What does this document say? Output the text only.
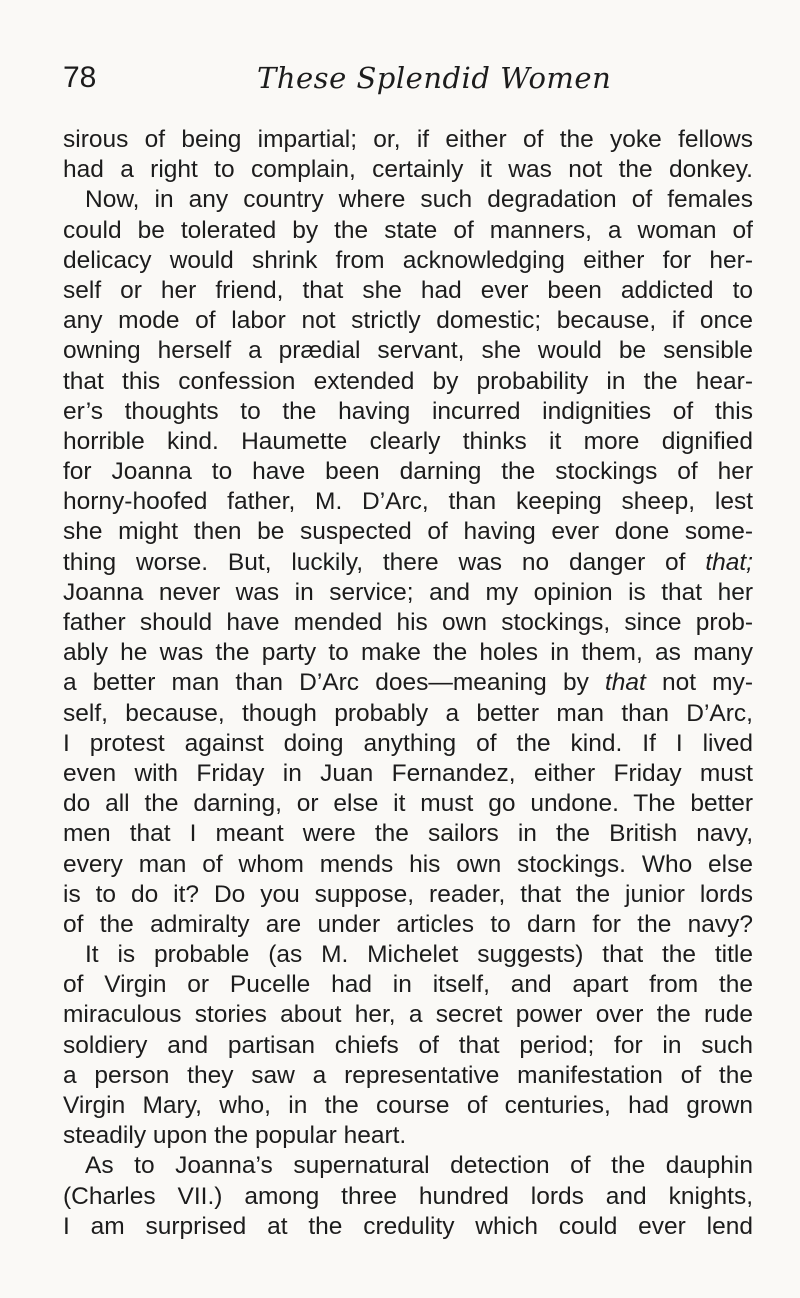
78	These Splendid Women
sirous of being impartial; or, if either of the yoke fellows
had a right to complain, certainly it was not the donkey.
Now, in any country where such degradation of females
could be tolerated by the state of manners, a woman of
delicacy would shrink from acknowledging either for her-
self or her friend, that she had ever been addicted to
any mode of labor not strictly domestic; because, if once
owning herself a prædial servant, she would be sensible
that this confession extended by probability in the hear-
er’s thoughts to the having incurred indignities of this
horrible kind. Haumette clearly thinks it more dignified
for Joanna to have been darning the stockings of her
horny-hoofed father, M. D’Arc, than keeping sheep, lest
she might then be suspected of having ever done some-
thing worse. But, luckily, there was no danger of that;
Joanna never was in service; and my opinion is that her
father should have mended his own stockings, since prob-
ably he was the party to make the holes in them, as many
a better man than D’Arc does—meaning by that not my-
self, because, though probably a better man than D’Arc,
I protest against doing anything of the kind. If I lived
even with Friday in Juan Fernandez, either Friday must
do all the darning, or else it must go undone. The better
men that I meant were the sailors in the British navy,
every man of whom mends his own stockings. Who else
is to do it? Do you suppose, reader, that the junior lords
of the admiralty are under articles to darn for the navy?
It is probable (as M. Michelet suggests) that the title
of Virgin or Pucelle had in itself, and apart from the
miraculous stories about her, a secret power over the rude
soldiery and partisan chiefs of that period; for in such
a person they saw a representative manifestation of the
Virgin Mary, who, in the course of centuries, had grown
steadily upon the popular heart.
As to Joanna’s supernatural detection of the dauphin
(Charles VII.) among three hundred lords and knights,
I am surprised at the credulity which could ever lend
